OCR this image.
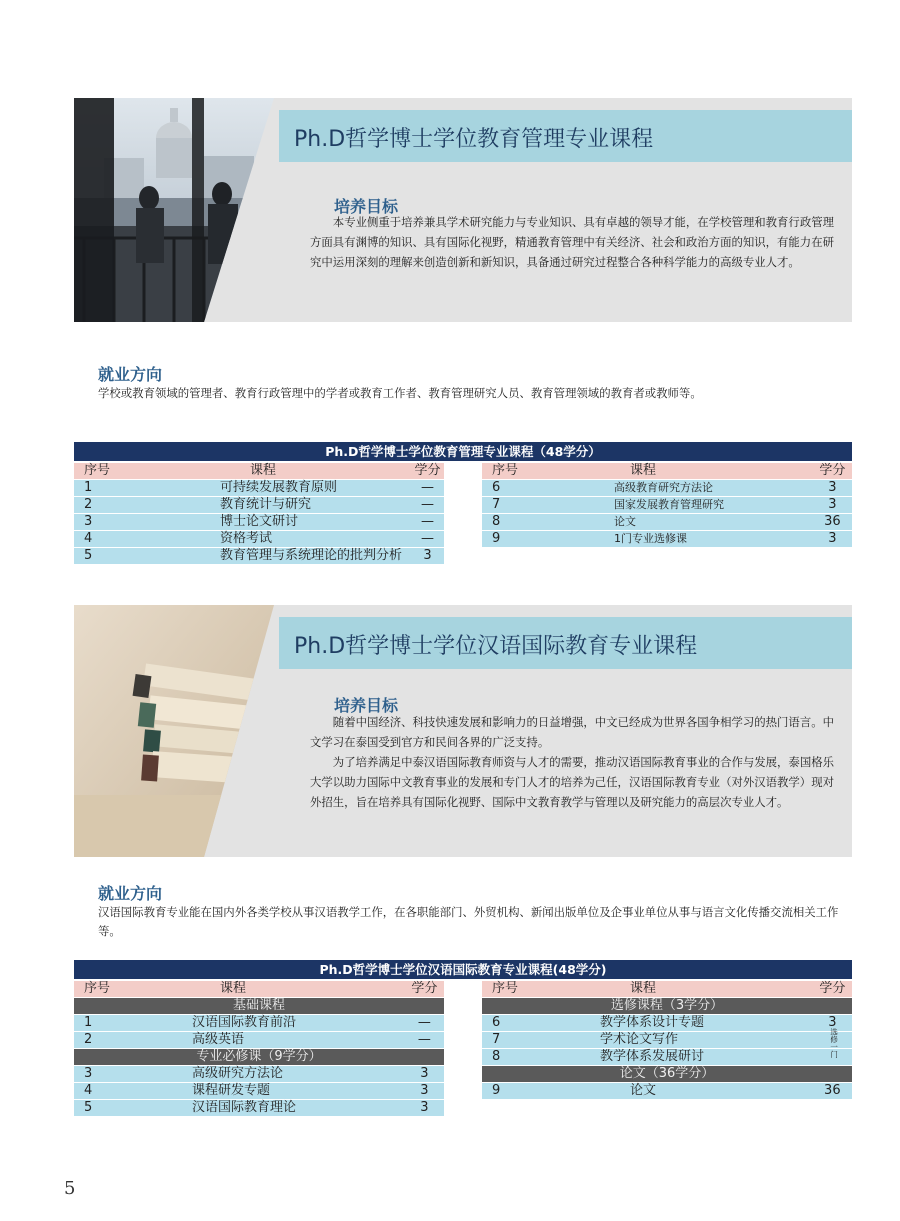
Ph.D哲学博士学位教育管理专业课程
培养目标

本专业侧重于培养兼具学术研究能力与专业知识、具有卓越的领导才能，在学校管理和教育行政管理方面具有渊博的知识、具有国际化视野，精通教育管理中有关经济、社会和政治方面的知识，有能力在研究中运用深刻的理解来创造创新和新知识，具备通过研究过程整合各种科学能力的高级专业人才。

就业方向
学校或教育领域的管理者、教育行政管理中的学者或教育工作者、教育管理研究人员、教育管理领域的教育者或教师等。
Ph.D哲学博士学位教育管理专业课程（48学分）
序号	课程	学分
1	可持续发展教育原则	—
2	教育统计与研究	—
3	博士论文研讨	—
4	资格考试	—
5	教育管理与系统理论的批判分析	3
序号	课程	学分
6	高级教育研究方法论	3
7	国家发展教育管理研究	3
8	论文	36
9	1门专业选修课	3
Ph.D哲学博士学位汉语国际教育专业课程
培养目标

随着中国经济、科技快速发展和影响力的日益增强，中文已经成为世界各国争相学习的热门语言。中文学习在泰国受到官方和民间各界的广泛支持。

为了培养满足中泰汉语国际教育师资与人才的需要，推动汉语国际教育事业的合作与发展，泰国格乐大学以助力国际中文教育事业的发展和专门人才的培养为己任，汉语国际教育专业（对外汉语教学）现对外招生，旨在培养具有国际化视野、国际中文教育教学与管理以及研究能力的高层次专业人才。

就业方向
汉语国际教育专业能在国内外各类学校从事汉语教学工作，在各职能部门、外贸机构、新闻出版单位及企事业单位从事与语言文化传播交流相关工作等。
Ph.D哲学博士学位汉语国际教育专业课程(48学分)
序号	课程	学分
基础课程		
1	汉语国际教育前沿	—
2	高级英语	—
专业必修课（9学分）		
3	高级研究方法论	3
4	课程研发专题	3
5	汉语国际教育理论	3
序号	课程	学分
选修课程（3学分）		
6	教学体系设计专题	3
7	学术论文写作	选修一门

8	教学体系发展研讨	
论文（36学分）		
9	论文	36
5
